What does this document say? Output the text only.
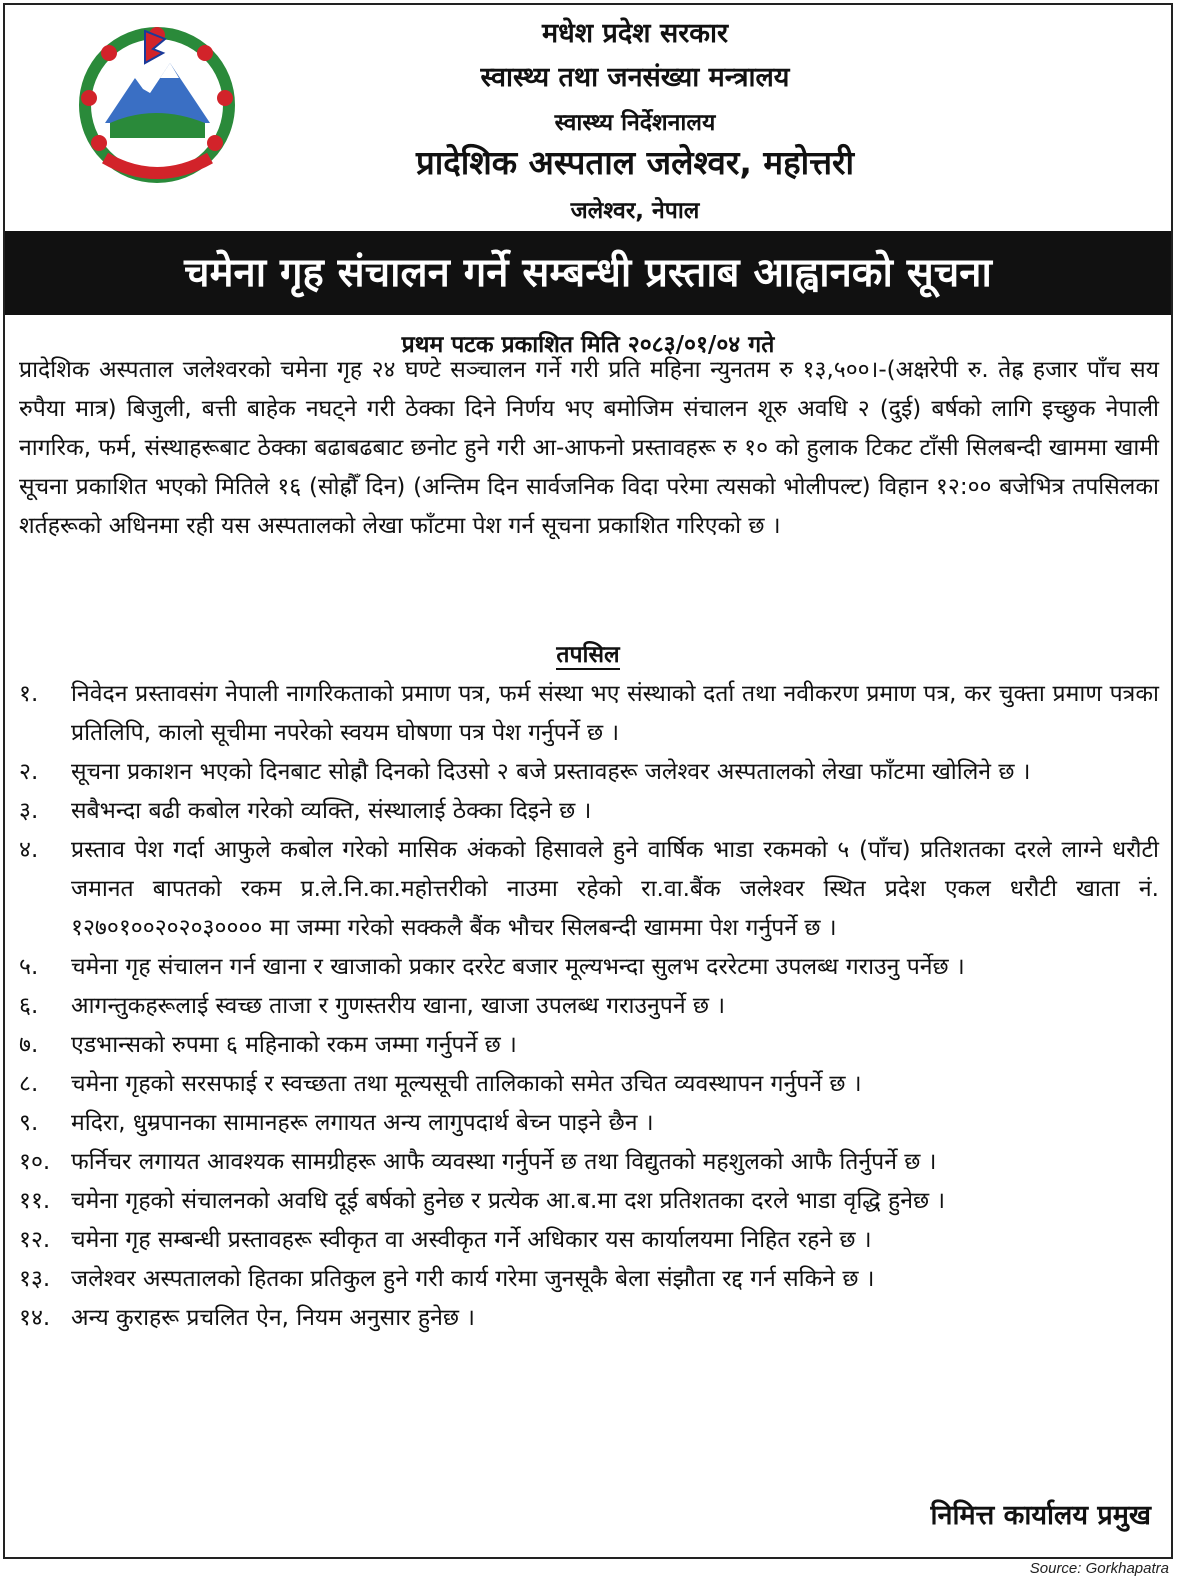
मधेश प्रदेश सरकार
स्वास्थ्य तथा जनसंख्या मन्त्रालय
स्वास्थ्य निर्देशनालय
प्रादेशिक अस्पताल जलेश्वर, महोत्तरी
जलेश्वर, नेपाल
चमेना गृह संचालन गर्ने सम्बन्धी प्रस्ताब आह्वानको सूचना
प्रथम पटक प्रकाशित मिति २०८३/०१/०४ गते
प्रादेशिक अस्पताल जलेश्वरको चमेना गृह २४ घण्टे सञ्चालन गर्ने गरी प्रति महिना न्युनतम रु १३,५००।-(अक्षरेपी रु. तेह्र हजार पाँच सय रुपैया मात्र) बिजुली, बत्ती बाहेक नघट्ने गरी ठेक्का दिने निर्णय भए बमोजिम संचालन शूरु अवधि २ (दुई) बर्षको लागि इच्छुक नेपाली नागरिक, फर्म, संस्थाहरूबाट ठेक्का बढाबढबाट छनोट हुने गरी आ-आफनो प्रस्तावहरू रु १० को हुलाक टिकट टाँसी सिलबन्दी खाममा खामी सूचना प्रकाशित भएको मितिले १६ (सोह्रौँ दिन) (अन्तिम दिन सार्वजनिक विदा परेमा त्यसको भोलीपल्ट) विहान १२:०० बजेभित्र तपसिलका शर्तहरूको अधिनमा रही यस अस्पतालको लेखा फाँटमा पेश गर्न सूचना प्रकाशित गरिएको छ ।
तपसिल
१.	निवेदन प्रस्तावसंग नेपाली नागरिकताको प्रमाण पत्र, फर्म संस्था भए संस्थाको दर्ता तथा नवीकरण प्रमाण पत्र, कर चुक्ता प्रमाण पत्रका प्रतिलिपि, कालो सूचीमा नपरेको स्वयम घोषणा पत्र पेश गर्नुपर्ने छ ।
२.	सूचना प्रकाशन भएको दिनबाट सोह्रौ दिनको दिउसो २ बजे प्रस्तावहरू जलेश्वर अस्पतालको लेखा फाँटमा खोलिने छ ।
३.	सबैभन्दा बढी कबोल गरेको व्यक्ति, संस्थालाई ठेक्का दिइने छ ।
४.	प्रस्ताव पेश गर्दा आफुले कबोल गरेको मासिक अंकको हिसावले हुने वार्षिक भाडा रकमको ५ (पाँच) प्रतिशतका दरले लाग्ने धरौटी जमानत बापतको रकम प्र.ले.नि.का.महोत्तरीको नाउमा रहेको रा.वा.बैंक जलेश्वर स्थित प्रदेश एकल धरौटी खाता नं. १२७०१००२०२०३०००० मा जम्मा गरेको सक्कलै बैंक भौचर सिलबन्दी खाममा पेश गर्नुपर्ने छ ।
५.	चमेना गृह संचालन गर्न खाना र खाजाको प्रकार दररेट बजार मूल्यभन्दा सुलभ दररेटमा उपलब्ध गराउनु पर्नेछ ।
६.	आगन्तुकहरूलाई स्वच्छ ताजा र गुणस्तरीय खाना, खाजा उपलब्ध गराउनुपर्ने छ ।
७.	एडभान्सको रुपमा ६ महिनाको रकम जम्मा गर्नुपर्ने छ ।
८.	चमेना गृहको सरसफाई र स्वच्छता तथा मूल्यसूची तालिकाको समेत उचित व्यवस्थापन गर्नुपर्ने छ ।
९.	मदिरा, धुम्रपानका सामानहरू लगायत अन्य लागुपदार्थ बेच्न पाइने छैन ।
१०. फर्निचर लगायत आवश्यक सामग्रीहरू आफै व्यवस्था गर्नुपर्ने छ तथा विद्युतको महशुलको आफै तिर्नुपर्ने छ ।
११. चमेना गृहको संचालनको अवधि दूई बर्षको हुनेछ र प्रत्येक आ.ब.मा दश प्रतिशतका दरले भाडा वृद्धि हुनेछ ।
१२. चमेना गृह सम्बन्धी प्रस्तावहरू स्वीकृत वा अस्वीकृत गर्ने अधिकार यस कार्यालयमा निहित रहने छ ।
१३. जलेश्वर अस्पतालको हितका प्रतिकुल हुने गरी कार्य गरेमा जुनसूकै बेला संझौता रद्द गर्न सकिने छ ।
१४. अन्य कुराहरू प्रचलित ऐन, नियम अनुसार हुनेछ ।
निमित्त कार्यालय प्रमुख
Source: Gorkhapatra
